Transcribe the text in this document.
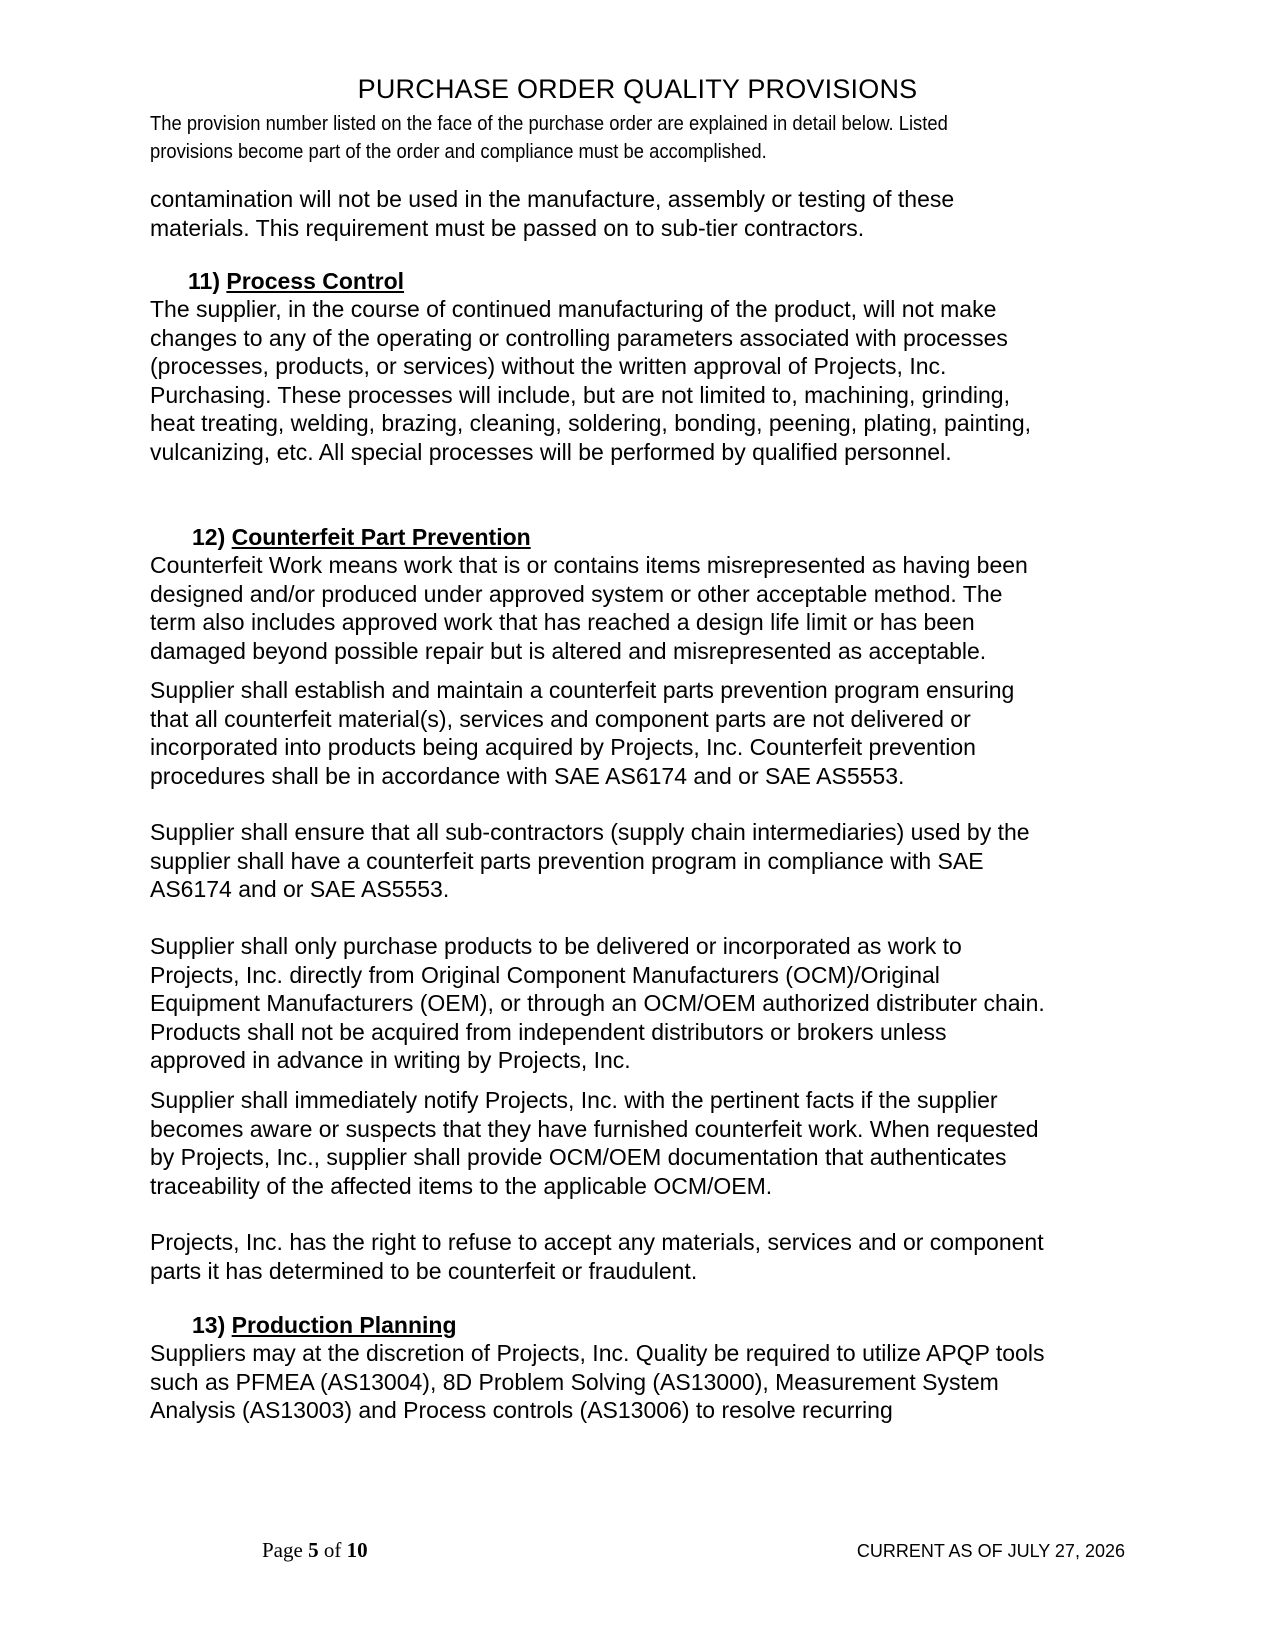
PURCHASE ORDER QUALITY PROVISIONS
The provision number listed on the face of the purchase order are explained in detail below. Listed
provisions become part of the order and compliance must be accomplished.
contamination will not be used in the manufacture, assembly or testing of these
materials. This requirement must be passed on to sub-tier contractors.
11) Process Control
The supplier, in the course of continued manufacturing of the product, will not make
changes to any of the operating or controlling parameters associated with processes
(processes, products, or services) without the written approval of Projects, Inc.
Purchasing. These processes will include, but are not limited to, machining, grinding,
heat treating, welding, brazing, cleaning, soldering, bonding, peening, plating, painting,
vulcanizing, etc. All special processes will be performed by qualified personnel.
12) Counterfeit Part Prevention
Counterfeit Work means work that is or contains items misrepresented as having been
designed and/or produced under approved system or other acceptable method. The
term also includes approved work that has reached a design life limit or has been
damaged beyond possible repair but is altered and misrepresented as acceptable.
Supplier shall establish and maintain a counterfeit parts prevention program ensuring
that all counterfeit material(s), services and component parts are not delivered or
incorporated into products being acquired by Projects, Inc. Counterfeit prevention
procedures shall be in accordance with SAE AS6174 and or SAE AS5553.
Supplier shall ensure that all sub-contractors (supply chain intermediaries) used by the
supplier shall have a counterfeit parts prevention program in compliance with SAE
AS6174 and or SAE AS5553.
Supplier shall only purchase products to be delivered or incorporated as work to
Projects, Inc. directly from Original Component Manufacturers (OCM)/Original
Equipment Manufacturers (OEM), or through an OCM/OEM authorized distributer chain.
Products shall not be acquired from independent distributors or brokers unless
approved in advance in writing by Projects, Inc.
Supplier shall immediately notify Projects, Inc. with the pertinent facts if the supplier
becomes aware or suspects that they have furnished counterfeit work. When requested
by Projects, Inc., supplier shall provide OCM/OEM documentation that authenticates
traceability of the affected items to the applicable OCM/OEM.
Projects, Inc. has the right to refuse to accept any materials, services and or component
parts it has determined to be counterfeit or fraudulent.
13) Production Planning
Suppliers may at the discretion of Projects, Inc. Quality be required to utilize APQP tools
such as PFMEA (AS13004), 8D Problem Solving (AS13000), Measurement System
Analysis (AS13003) and Process controls (AS13006) to resolve recurring
Page 5 of 10	CURRENT AS OF JULY 27, 2026
